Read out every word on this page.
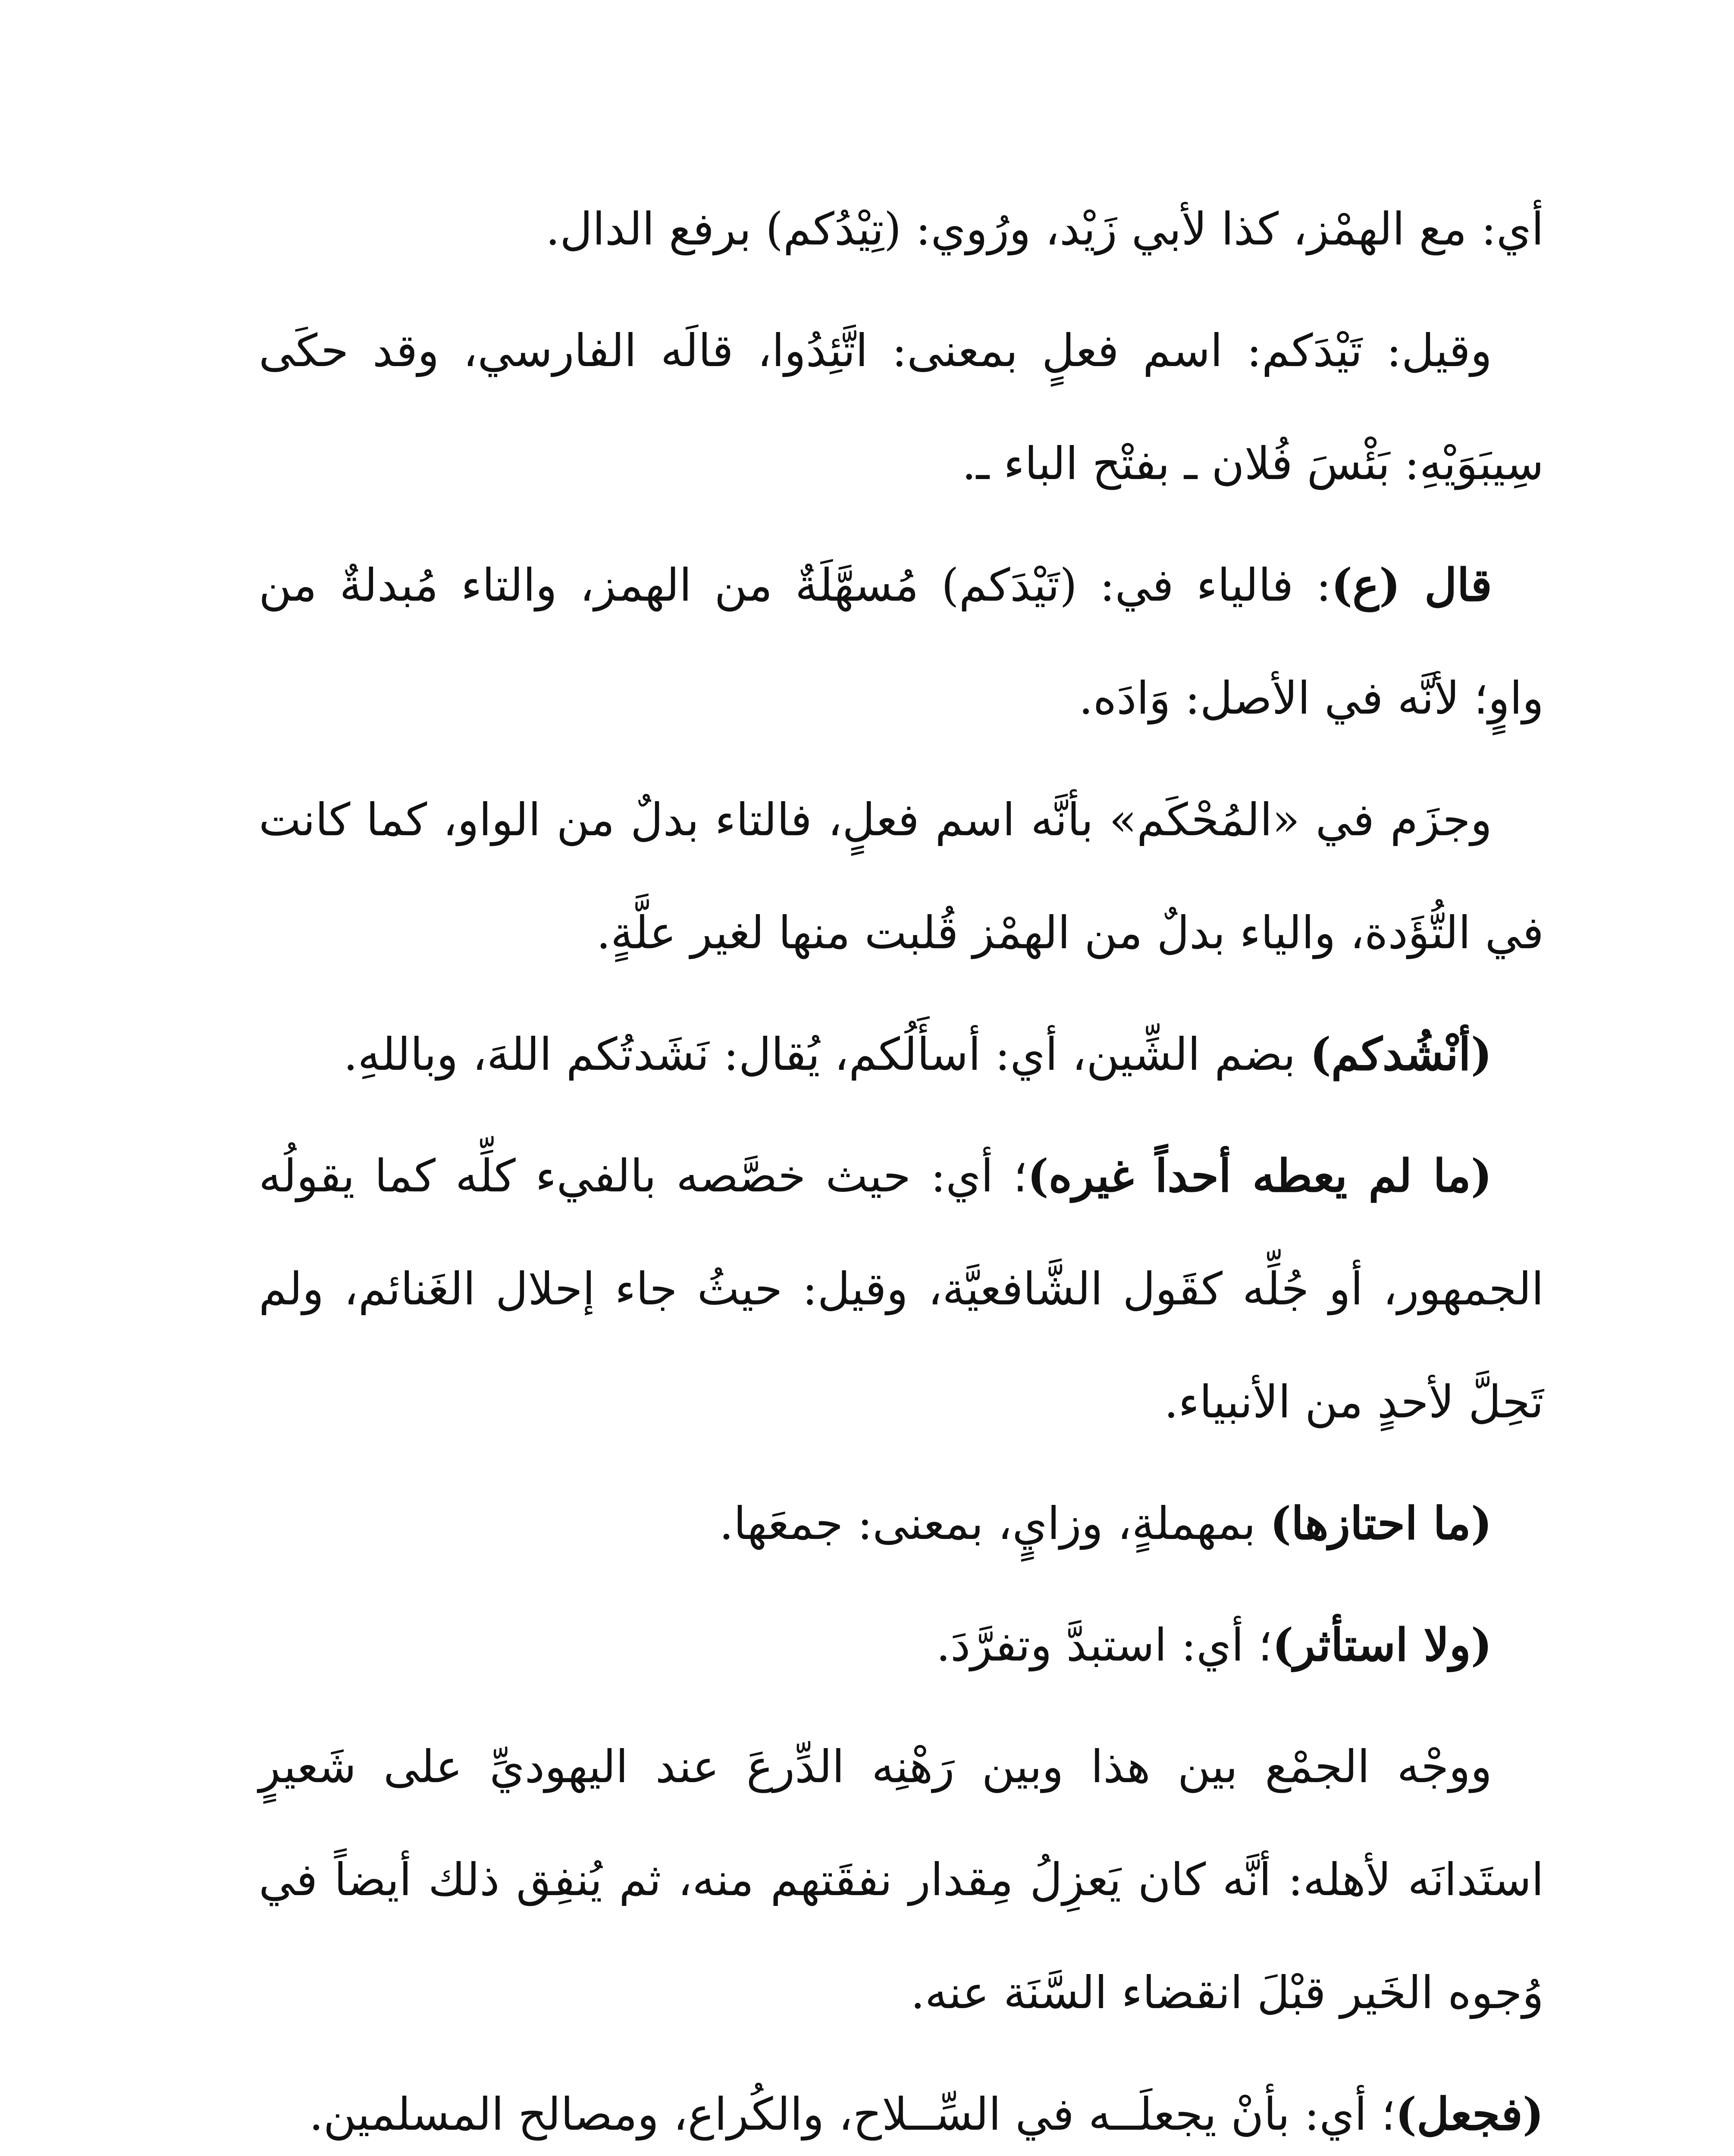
أي: مع الهمْز، كذا لأبي زَيْد، ورُوي: (تِيْدُكم) برفع الدال.

وقيل: تَيْدَكم: اسم فعلٍ بمعنى: اتَّئِدُوا، قالَه الفارسي، وقد حكَى سِيبَوَيْهِ: بَئْسَ فُلان ـ بفتْح الباء ـ.

قال (ع): فالياء في: (تَيْدَكم) مُسهَّلَةٌ من الهمز، والتاء مُبدلةٌ من واوٍ؛ لأنَّه في الأصل: وَادَه.

وجزَم في «المُحْكَم» بأنَّه اسم فعلٍ، فالتاء بدلٌ من الواو، كما كانت في التُّؤَدة، والياء بدلٌ من الهمْز قُلبت منها لغير علَّةٍ.

(أنْشُدكم) بضم الشِّين، أي: أسأَلُكم، يُقال: نَشَدتُكم اللهَ، وباللهِ.

(ما لم يعطه أحداً غيره)؛ أي: حيث خصَّصه بالفيء كلِّه كما يقولُه الجمهور، أو جُلِّه كقَول الشَّافعيَّة، وقيل: حيثُ جاء إحلال الغَنائم، ولم تَحِلَّ لأحدٍ من الأنبياء.

(ما احتازها) بمهملةٍ، وزايٍ، بمعنى: جمعَها.

(ولا استأثر)؛ أي: استبدَّ وتفرَّدَ.

ووجْه الجمْع بين هذا وبين رَهْنِه الدِّرعَ عند اليهوديِّ على شَعيرٍ استَدانَه لأهله: أنَّه كان يَعزِلُ مِقدار نفقَتهم منه، ثم يُنفِق ذلك أيضاً في وُجوه الخَير قبْلَ انقضاء السَّنَة عنه.

(فجعل)؛ أي: بأنْ يجعلَــه في السِّــلاح، والكُراع، ومصالح المسلمين.
